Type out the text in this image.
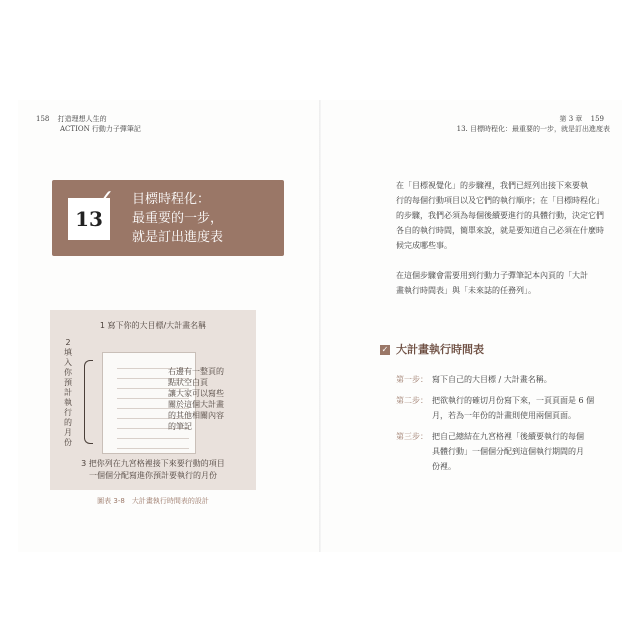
158 打造理想人生的
ACTION 行動力子彈筆記
第 3 章 159
13. 目標時程化：最重要的一步，就是訂出進度表
13
✓ 目標時程化：
最重要的一步，
就是訂出進度表
1 寫下你的大目標/大計畫名稱
2填入你預計執行的月份
右邊有一整頁的
點狀空白頁
讓大家可以寫些
關於這個大計畫
的其他相關內容
的筆記
3 把你列在九宮格裡接下來要行動的項目
一個個分配寫進你預計要執行的月份
圖表 3-8　大計畫執行時間表的設計
在「目標視覺化」的步驟裡，我們已經列出接下來要執
行的每個行動項目以及它們的執行順序；在「目標時程化」
的步驟，我們必須為每個後續要進行的具體行動，決定它們
各自的執行時間，簡單來說，就是要知道自己必須在什麼時
候完成哪些事。
在這個步驟會需要用到行動力子彈筆記本內頁的「大計
畫執行時間表」與「未來誌的任務列」。
✓ 大計畫執行時間表
第一步： 寫下自己的大目標 / 大計畫名稱。
第二步： 把欲執行的確切月份寫下來，一頁頁面是 6 個
月，若為一年份的計畫則使用兩個頁面。
第三步： 把自己總結在九宮格裡「後續要執行的每個
具體行動」一個個分配到這個執行期間的月
份裡。
